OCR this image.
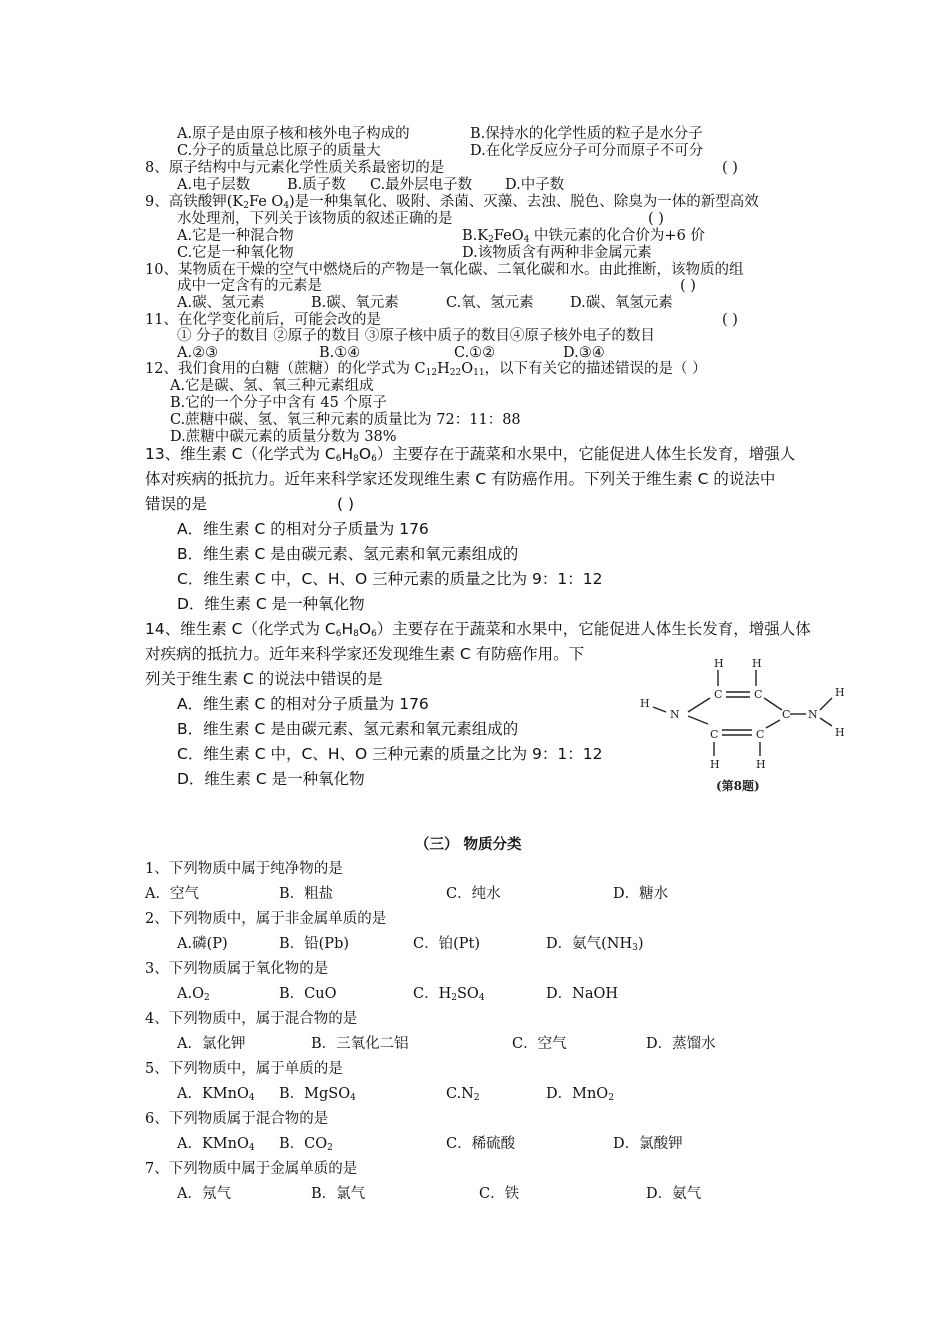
A.原子是由原子核和核外电子构成的	B.保持水的化学性质的粒子是水分子
C.分子的质量总比原子的质量大	D.在化学反应分子可分而原子不可分
8、原子结构中与元素化学性质关系最密切的是	( )
A.电子层数	B.质子数 C.最外层电子数 D.中子数
9、高铁酸钾($K_2Fe$ $O_4$)是一种集氧化、吸附、杀菌、灭藻、去浊、脱色、除臭为一体的新型高效
水处理剂，下列关于该物质的叙述正确的是	( )
A.它是一种混合物	$B.K_2FeO_4$ 中铁元素的化合价为+6 价
C.它是一种氧化物	D.该物质含有两种非金属元素
10、某物质在干燥的空气中燃烧后的产物是一氧化碳、二氧化碳和水。由此推断，该物质的组
成中一定含有的元素是	( )
A.碳、氢元素	B.碳、氧元素	C.氧、氢元素	D.碳、氧氢元素
11、在化学变化前后，可能会改的是	( )
① 分子的数目 ②原子的数目 ③原子核中质子的数目④原子核外电子的数目
A.②③	B.①④	C.①②	D.③④
12、我们食用的白糖（蔗糖）的化学式为 $C_{12}H_{22}O_{11}$，以下有关它的描述错误的是（ ）
A.它是碳、氢、氧三种元素组成
B.它的一个分子中含有 45 个原子
C.蔗糖中碳、氢、氧三种元素的质量比为 72：11：88
D.蔗糖中碳元素的质量分数为 38%
13、维生素 C（化学式为 $C_6H_8O_6$）主要存在于蔬菜和水果中，它能促进人体生长发育，增强人
体对疾病的抵抗力。近年来科学家还发现维生素 C 有防癌作用。下列关于维生素 C 的说法中
错误的是	( )
A．维生素 C 的相对分子质量为 176
B．维生素 C 是由碳元素、氢元素和氧元素组成的
C．维生素 C 中，C、H、O 三种元素的质量之比为 9：1：12
D．维生素 C 是一种氧化物
14、维生素 C（化学式为 $C_6H_8O_6$）主要存在于蔬菜和水果中，它能促进人体生长发育，增强人体
对疾病的抵抗力。近年来科学家还发现维生素 C 有防癌作用。下
列关于维生素 C 的说法中错误的是
A．维生素 C 的相对分子质量为 176
B．维生素 C 是由碳元素、氢元素和氧元素组成的
C．维生素 C 中，C、H、O 三种元素的质量之比为 9：1：12
D．维生素 C 是一种氧化物
H	H
H
N
C	C
C N
H
H
C	C
H	H
(第8题)
（三） 物质分类
1、下列物质中属于纯净物的是
A．空气	B．粗盐	C．纯水	D．糖水
2、下列物质中，属于非金属单质的是
A.磷(P)	B．铅(Pb)	C．铂(Pt)	D．氨气$(NH_3)$
3、下列物质属于氧化物的是
$A.O_2$	B．CuO	C．$H_2SO_4$	D．NaOH
4、下列物质中，属于混合物的是
A．氯化钾	B．三氧化二铝	C．空气	D．蒸馏水
5、下列物质中，属于单质的是
A．KMnO$_4$ B．MgSO$_4$	$C.N_2$	D．MnO$_2$
6、下列物质属于混合物的是
A．KMnO$_4$ B．$CO_2$	C．稀硫酸	D．氯酸钾
7、下列物质中属于金属单质的是
A．氖气	B．氯气	C．铁	D．氨气
